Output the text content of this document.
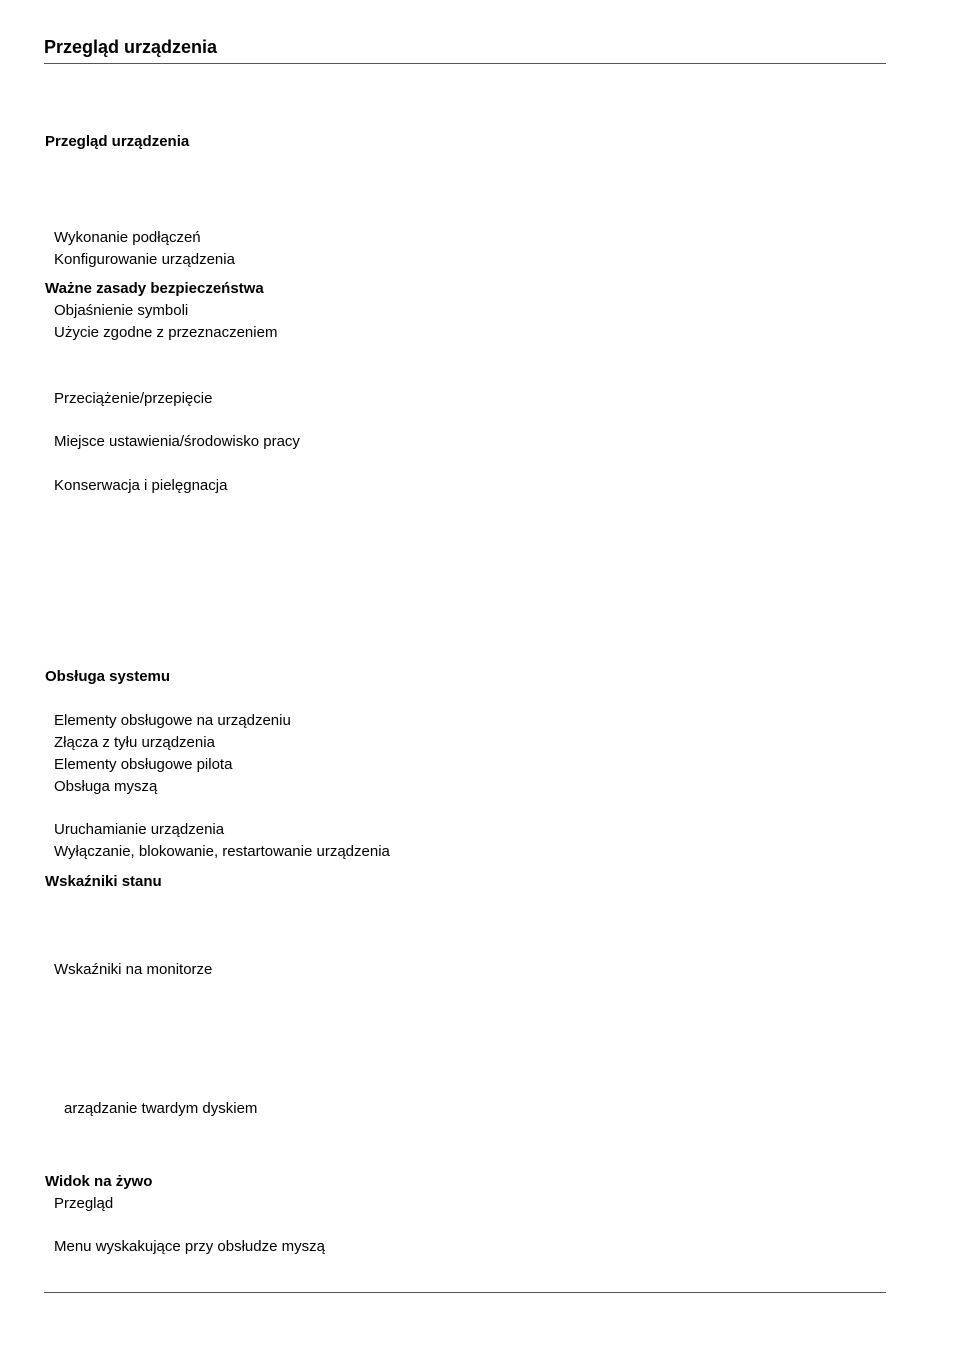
Przegląd urządzenia
Przegląd urządzenia
Wykonanie podłączeń
Konfigurowanie urządzenia
Ważne zasady bezpieczeństwa
Objaśnienie symboli
Użycie zgodne z przeznaczeniem
Przeciążenie/przepięcie
Miejsce ustawienia/środowisko pracy
Konserwacja i pielęgnacja
Obsługa systemu
Elementy obsługowe na urządzeniu
Złącza z tyłu urządzenia
Elementy obsługowe pilota
Obsługa myszą
Uruchamianie urządzenia
Wyłączanie, blokowanie, restartowanie urządzenia
Wskaźniki stanu
Wskaźniki na monitorze
arządzanie twardym dyskiem
Widok na żywo
Przegląd
Menu wyskakujące przy obsłudze myszą
